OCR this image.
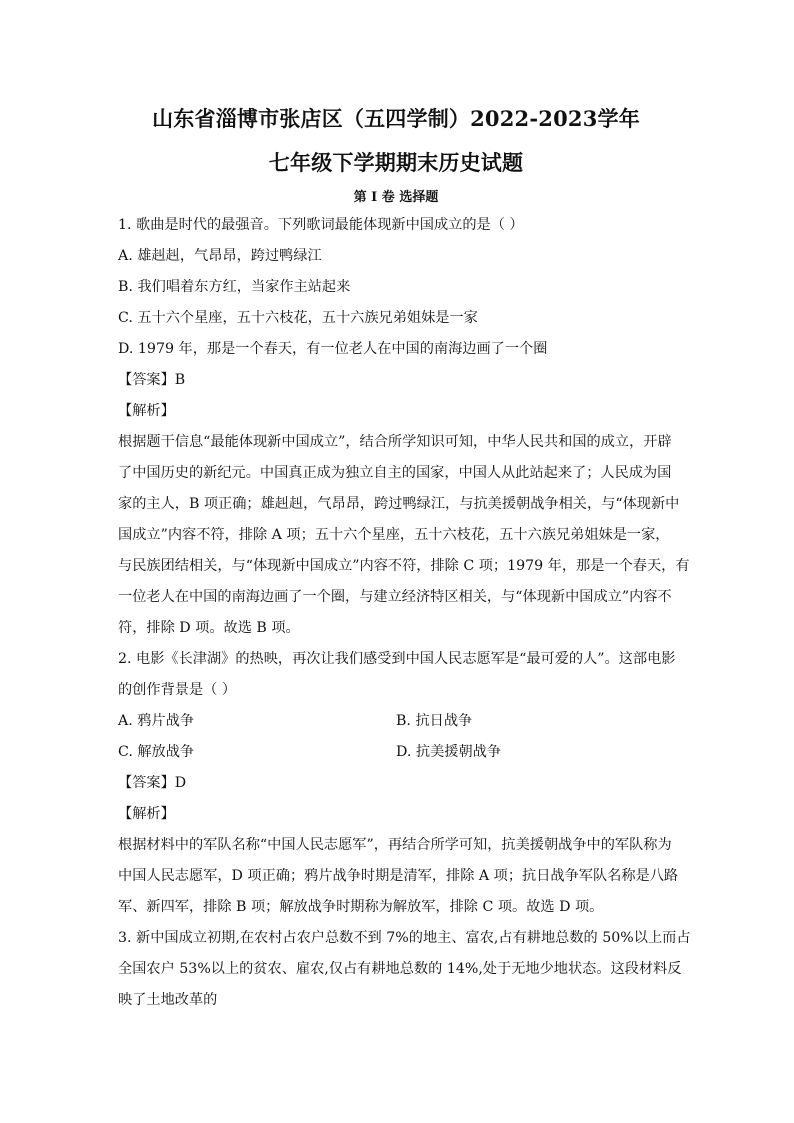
山东省淄博市张店区（五四学制）2022-2023学年

七年级下学期期末历史试题

第 I 卷 选择题

1. 歌曲是时代的最强音。下列歌词最能体现新中国成立的是（ ）

A. 雄赳赳，气昂昂，跨过鸭绿江

B. 我们唱着东方红，当家作主站起来

C. 五十六个星座，五十六枝花，五十六族兄弟姐妹是一家

D. 1979 年，那是一个春天，有一位老人在中国的南海边画了一个圈

【答案】B

【解析】

根据题干信息“最能体现新中国成立”，结合所学知识可知，中华人民共和国的成立，开辟

了中国历史的新纪元。中国真正成为独立自主的国家，中国人从此站起来了；人民成为国

家的主人，B 项正确；雄赳赳，气昂昂，跨过鸭绿江，与抗美援朝战争相关，与“体现新中

国成立”内容不符，排除 A 项；五十六个星座，五十六枝花，五十六族兄弟姐妹是一家，

与民族团结相关，与“体现新中国成立”内容不符，排除 C 项；1979 年，那是一个春天，有

一位老人在中国的南海边画了一个圈，与建立经济特区相关，与“体现新中国成立”内容不

符，排除 D 项。故选 B 项。

2. 电影《长津湖》的热映，再次让我们感受到中国人民志愿军是“最可爱的人”。这部电影

的创作背景是（ ）

A. 鸦片战争	B. 抗日战争

C. 解放战争	D. 抗美援朝战争

【答案】D

【解析】

根据材料中的军队名称“中国人民志愿军”，再结合所学可知，抗美援朝战争中的军队称为

中国人民志愿军，D 项正确；鸦片战争时期是清军，排除 A 项；抗日战争军队名称是八路

军、新四军，排除 B 项；解放战争时期称为解放军，排除 C 项。故选 D 项。

3. 新中国成立初期,在农村占农户总数不到 7%的地主、富农,占有耕地总数的 50%以上而占

全国农户 53%以上的贫农、雇农,仅占有耕地总数的 14%,处于无地少地状态。这段材料反

映了土地改革的
